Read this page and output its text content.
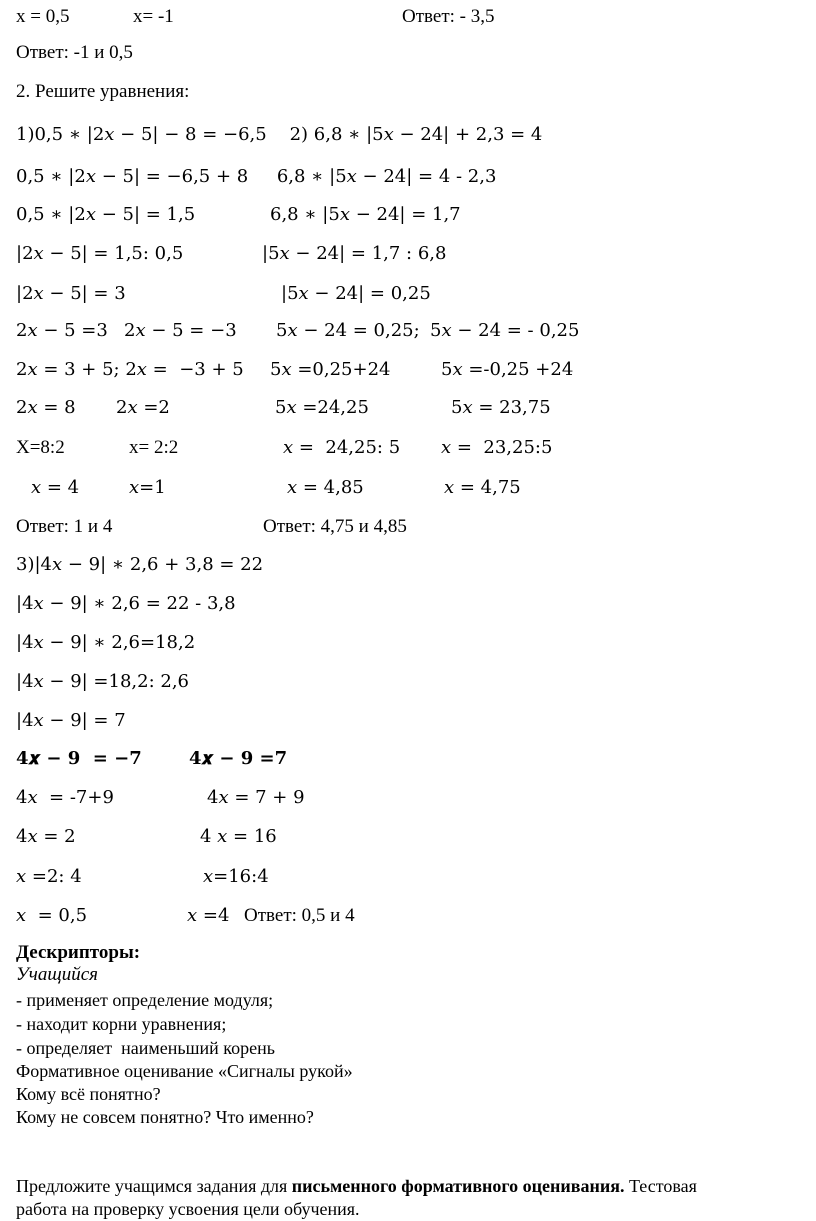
x = 0,5	x= -1	Ответ: - 3,5
Ответ: -1 и 0,5
2. Решите уравнения:
1)0,5 ∗ |2𝑥 − 5| − 8 = −6,5    2) 6,8 ∗ |5𝑥 − 24| + 2,3 = 4
0,5 ∗ |2𝑥 − 5| = −6,5 + 8     6,8 ∗ |5𝑥 − 24| = 4 - 2,3
0,5 ∗ |2𝑥 − 5| = 1,5	6,8 ∗ |5𝑥 − 24| = 1,7
|2𝑥 − 5| = 1,5: 0,5	|5𝑥 − 24| = 1,7 : 6,8
|2𝑥 − 5| = 3	|5𝑥 − 24| = 0,25
2𝑥 − 5 =3 2𝑥 − 5 = −3 5𝑥 − 24 = 0,25; 5𝑥 − 24 = - 0,25
2𝑥 = 3 + 5; 2𝑥 =  −3 + 5 5𝑥 =0,25+24	5𝑥 =-0,25 +24
2𝑥 = 8 2𝑥 =2	5𝑥 =24,25	5𝑥 = 23,75
X=8:2	x= 2:2	𝑥 =  24,25: 5 𝑥 =  23,25:5
𝑥 = 4	𝑥=1	𝑥 = 4,85	𝑥 = 4,75
Ответ: 1 и 4	Ответ: 4,75 и 4,85
3)|4𝑥 − 9| ∗ 2,6 + 3,8 = 22
|4𝑥 − 9| ∗ 2,6 = 22 - 3,8
|4𝑥 − 9| ∗ 2,6=18,2
|4𝑥 − 9| =18,2: 2,6
|4𝑥 − 9| = 7
𝟒𝒙 − 𝟗  = −𝟕	𝟒𝒙 − 𝟗 =7
4𝑥  = -7+9	4𝑥 = 7 + 9
4𝑥 = 2	4 𝑥 = 16
𝑥 =2: 4	𝑥=16:4
𝑥  = 0,5	𝑥 =4 Ответ: 0,5 и 4
Дескрипторы:
Учащийся
- применяет определение модуля;
- находит корни уравнения;
- определяет  наименьший корень
Формативное оценивание «Сигналы рукой»
Кому всё понятно?
Кому не совсем понятно? Что именно?
Предложите учащимся задания для письменного формативного оценивания. Тестовая
работа на проверку усвоения цели обучения.
